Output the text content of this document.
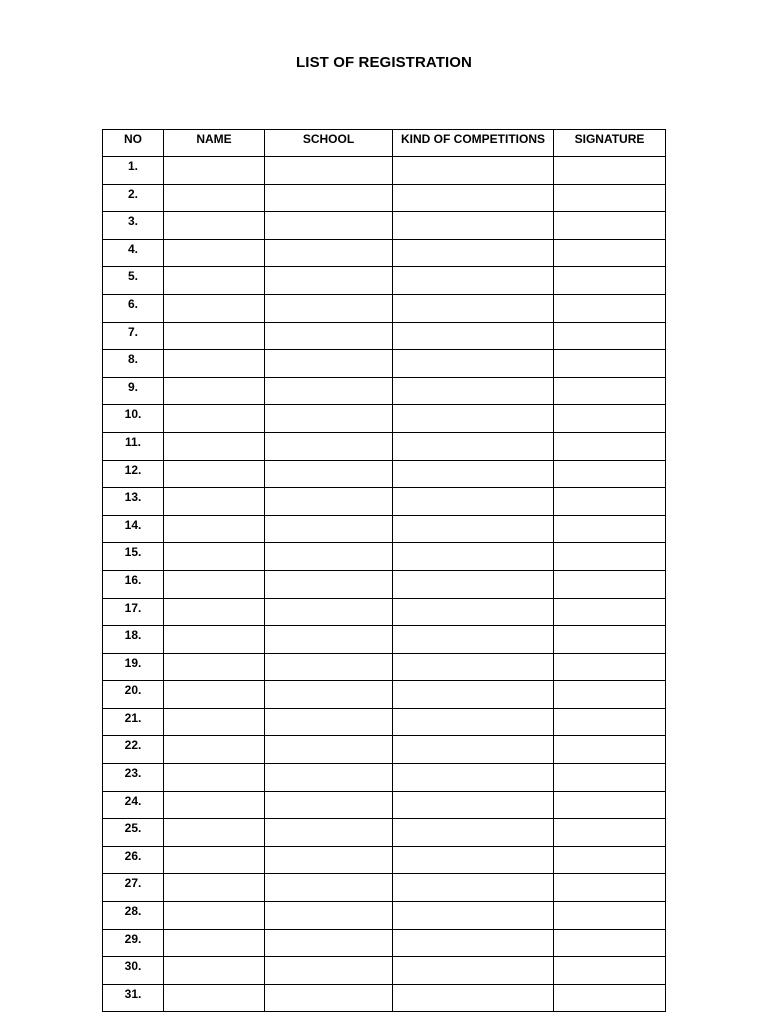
LIST OF REGISTRATION
NO	NAME	SCHOOL	KIND OF COMPETITIONS	SIGNATURE
1.				
2.				
3.				
4.				
5.				
6.				
7.				
8.				
9.				
10.				
11.				
12.				
13.				
14.				
15.				
16.				
17.				
18.				
19.				
20.				
21.				
22.				
23.				
24.				
25.				
26.				
27.				
28.				
29.				
30.				
31.				
